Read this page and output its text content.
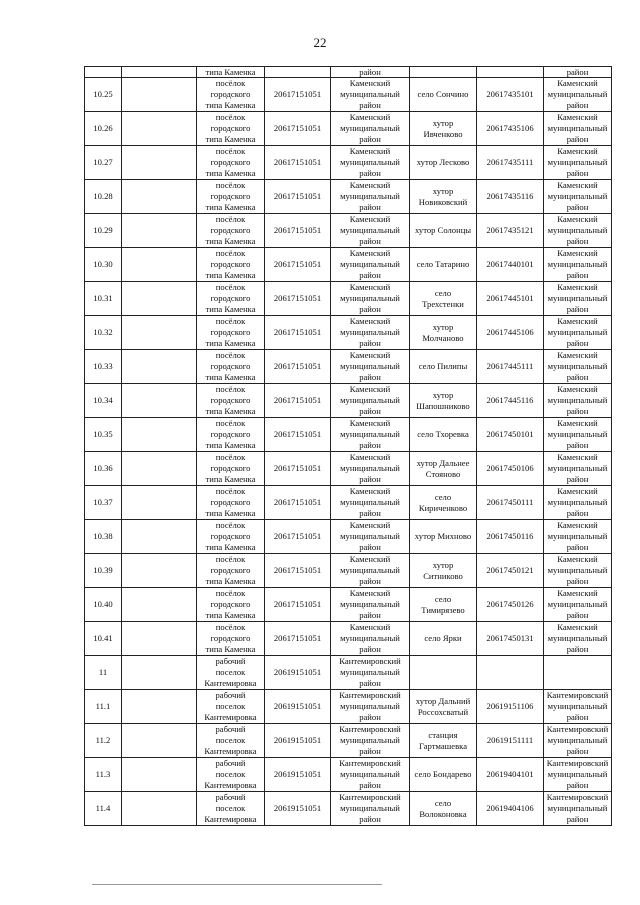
22
		типа Каменка		район			район
10.25		посёлок
городского
типа Каменка	20617151051	Каменский
муниципальный
район	село Сончино	20617435101	Каменский
муниципальный
район
10.26		посёлок
городского
типа Каменка	20617151051	Каменский
муниципальный
район	хутор
Ивченково	20617435106	Каменский
муниципальный
район
10.27		посёлок
городского
типа Каменка	20617151051	Каменский
муниципальный
район	хутор Лесково	20617435111	Каменский
муниципальный
район
10.28		посёлок
городского
типа Каменка	20617151051	Каменский
муниципальный
район	хутор
Новиковский	20617435116	Каменский
муниципальный
район
10.29		посёлок
городского
типа Каменка	20617151051	Каменский
муниципальный
район	хутор Солонцы	20617435121	Каменский
муниципальный
район
10.30		посёлок
городского
типа Каменка	20617151051	Каменский
муниципальный
район	село Татарино	20617440101	Каменский
муниципальный
район
10.31		посёлок
городского
типа Каменка	20617151051	Каменский
муниципальный
район	село
Трехстенки	20617445101	Каменский
муниципальный
район
10.32		посёлок
городского
типа Каменка	20617151051	Каменский
муниципальный
район	хутор
Молчаново	20617445106	Каменский
муниципальный
район
10.33		посёлок
городского
типа Каменка	20617151051	Каменский
муниципальный
район	село Пилипы	20617445111	Каменский
муниципальный
район
10.34		посёлок
городского
типа Каменка	20617151051	Каменский
муниципальный
район	хутор
Шапошниково	20617445116	Каменский
муниципальный
район
10.35		посёлок
городского
типа Каменка	20617151051	Каменский
муниципальный
район	село Тхоревка	20617450101	Каменский
муниципальный
район
10.36		посёлок
городского
типа Каменка	20617151051	Каменский
муниципальный
район	хутор Дальнее
Стояново	20617450106	Каменский
муниципальный
район
10.37		посёлок
городского
типа Каменка	20617151051	Каменский
муниципальный
район	село
Кириченково	20617450111	Каменский
муниципальный
район
10.38		посёлок
городского
типа Каменка	20617151051	Каменский
муниципальный
район	хутор Михново	20617450116	Каменский
муниципальный
район
10.39		посёлок
городского
типа Каменка	20617151051	Каменский
муниципальный
район	хутор
Ситниково	20617450121	Каменский
муниципальный
район
10.40		посёлок
городского
типа Каменка	20617151051	Каменский
муниципальный
район	село
Тимирязево	20617450126	Каменский
муниципальный
район
10.41		посёлок
городского
типа Каменка	20617151051	Каменский
муниципальный
район	село Ярки	20617450131	Каменский
муниципальный
район
11		рабочий
поселок
Кантемировка	20619151051	Кантемировский
муниципальный
район			
11.1		рабочий
поселок
Кантемировка	20619151051	Кантемировский
муниципальный
район	хутор Дальний
Россохсватый	20619151106	Кантемировский
муниципальный
район
11.2		рабочий
поселок
Кантемировка	20619151051	Кантемировский
муниципальный
район	станция
Гартмашевка	20619151111	Кантемировский
муниципальный
район
11.3		рабочий
поселок
Кантемировка	20619151051	Кантемировский
муниципальный
район	село Бондарево	20619404101	Кантемировский
муниципальный
район
11.4		рабочий
поселок
Кантемировка	20619151051	Кантемировский
муниципальный
район	село
Волоконовка	20619404106	Кантемировский
муниципальный
район
